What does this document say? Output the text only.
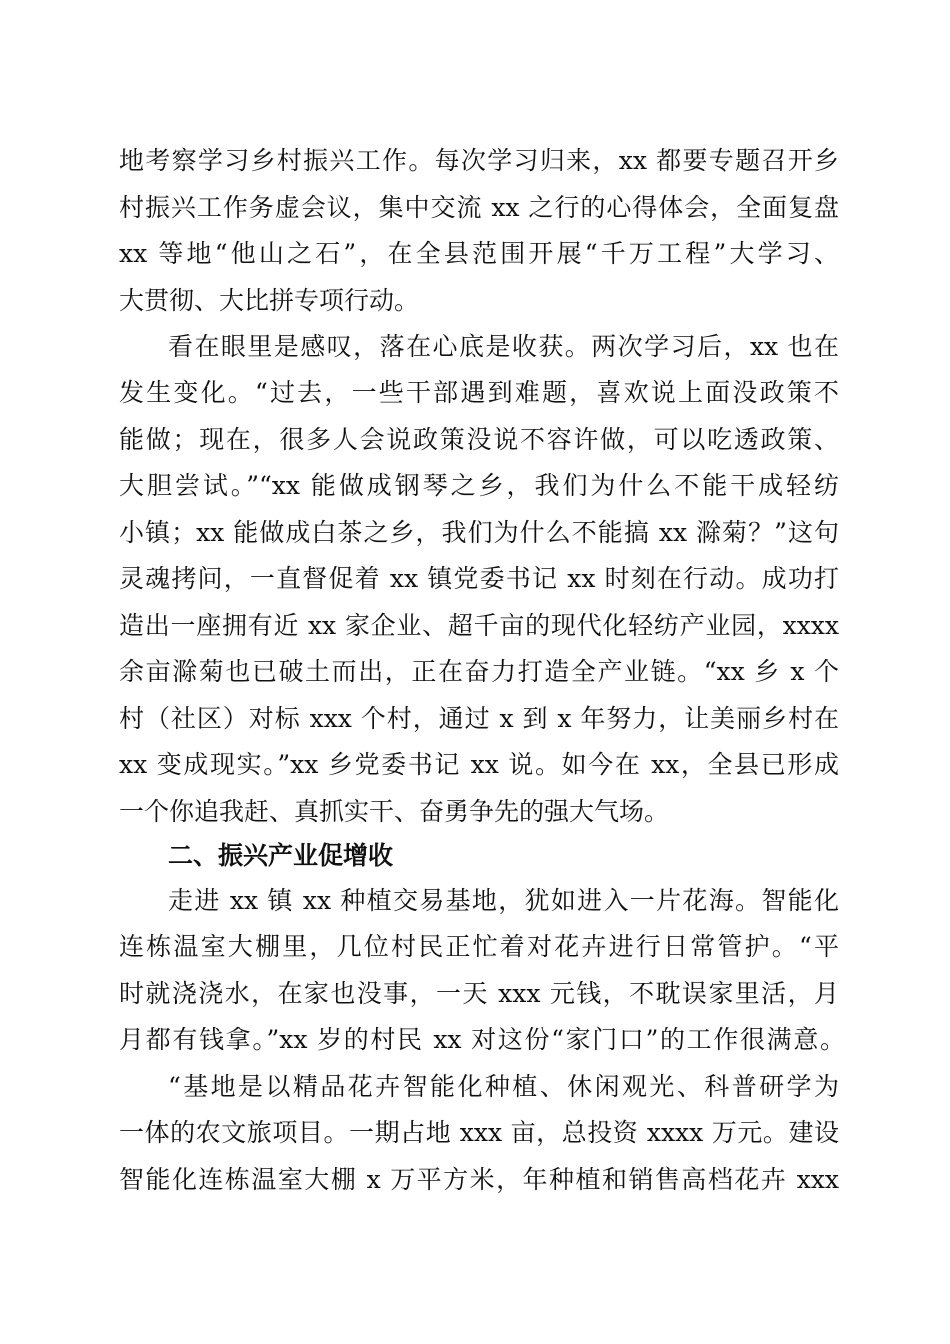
地考察学习乡村振兴工作。每次学习归来，xx 都要专题召开乡
村振兴工作务虚会议，集中交流 xx 之行的心得体会，全面复盘
xx 等地“他山之石”，在全县范围开展“千万工程”大学习、
大贯彻、大比拼专项行动。
看在眼里是感叹，落在心底是收获。两次学习后，xx 也在
发生变化。“过去，一些干部遇到难题，喜欢说上面没政策不
能做；现在，很多人会说政策没说不容许做，可以吃透政策、
大胆尝试。”“xx 能做成钢琴之乡，我们为什么不能干成轻纺
小镇；xx 能做成白茶之乡，我们为什么不能搞 xx 滁菊？”这句
灵魂拷问，一直督促着 xx 镇党委书记 xx 时刻在行动。成功打
造出一座拥有近 xx 家企业、超千亩的现代化轻纺产业园，xxxx
余亩滁菊也已破土而出，正在奋力打造全产业链。“xx 乡 x 个
村（社区）对标 xxx 个村，通过 x 到 x 年努力，让美丽乡村在
xx 变成现实。”xx 乡党委书记 xx 说。如今在 xx，全县已形成
一个你追我赶、真抓实干、奋勇争先的强大气场。
二、振兴产业促增收
走进 xx 镇 xx 种植交易基地，犹如进入一片花海。智能化
连栋温室大棚里，几位村民正忙着对花卉进行日常管护。“平
时就浇浇水，在家也没事，一天 xxx 元钱，不耽误家里活，月
月都有钱拿。”xx 岁的村民 xx 对这份“家门口”的工作很满意。
“基地是以精品花卉智能化种植、休闲观光、科普研学为
一体的农文旅项目。一期占地 xxx 亩，总投资 xxxx 万元。建设
智能化连栋温室大棚 x 万平方米，年种植和销售高档花卉 xxx
